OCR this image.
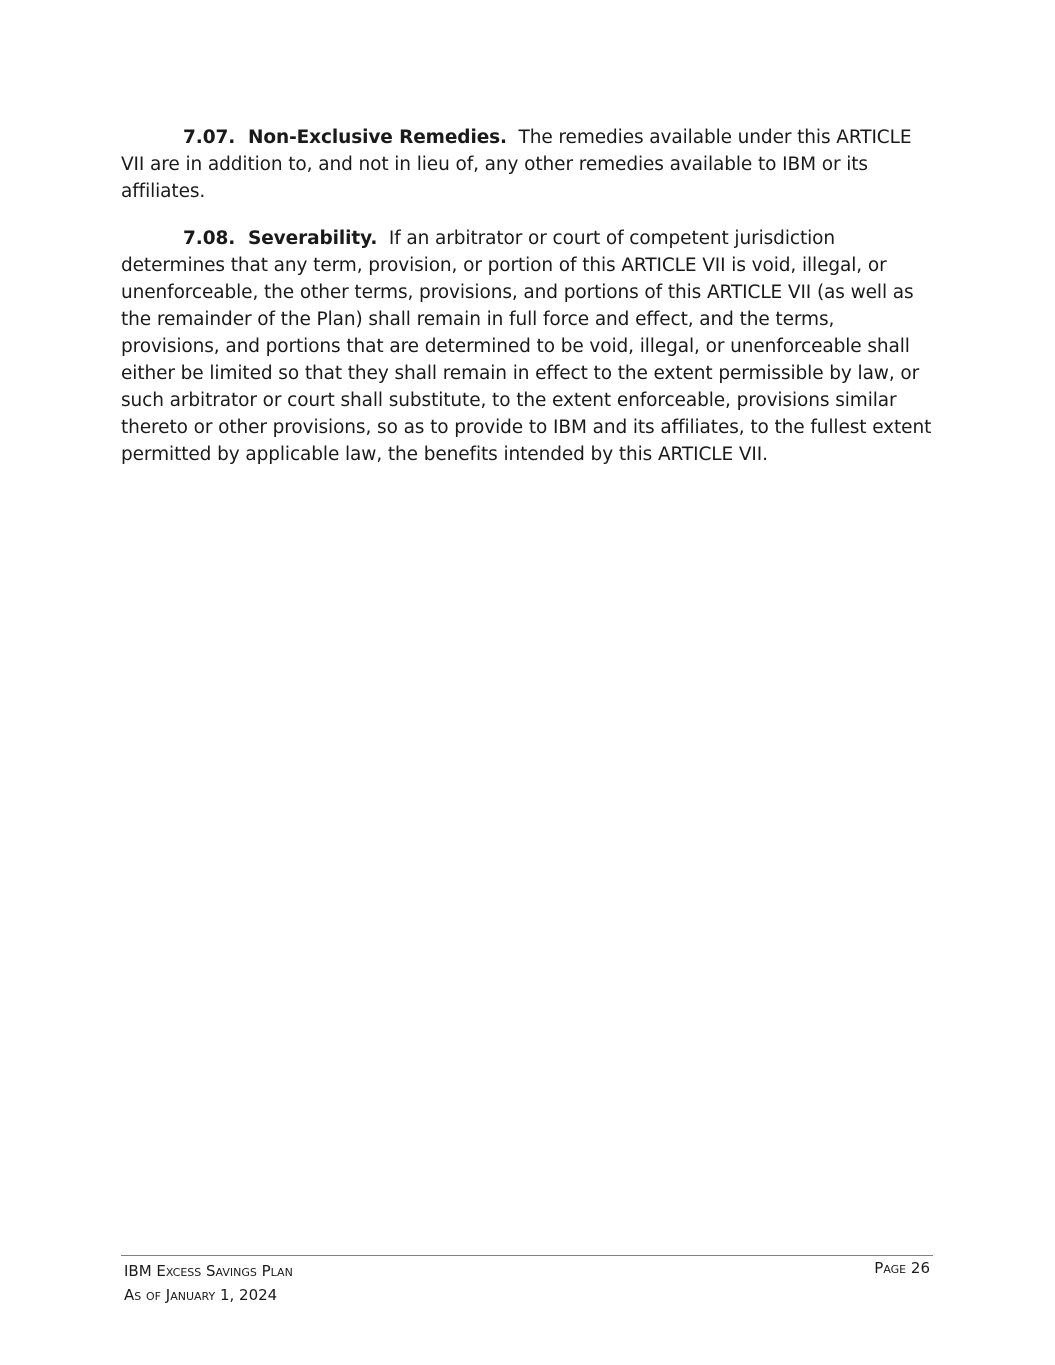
7.07. Non-Exclusive Remedies. The remedies available under this ARTICLE VII are in addition to, and not in lieu of, any other remedies available to IBM or its affiliates.

7.08. Severability. If an arbitrator or court of competent jurisdiction determines that any term, provision, or portion of this ARTICLE VII is void, illegal, or unenforceable, the other terms, provisions, and portions of this ARTICLE VII (as well as the remainder of the Plan) shall remain in full force and effect, and the terms, provisions, and portions that are determined to be void, illegal, or unenforceable shall either be limited so that they shall remain in effect to the extent permissible by law, or such arbitrator or court shall substitute, to the extent enforceable, provisions similar thereto or other provisions, so as to provide to IBM and its affiliates, to the fullest extent permitted by applicable law, the benefits intended by this ARTICLE VII.

IBM Excess Savings Plan
As of January 1, 2024
Page 26
